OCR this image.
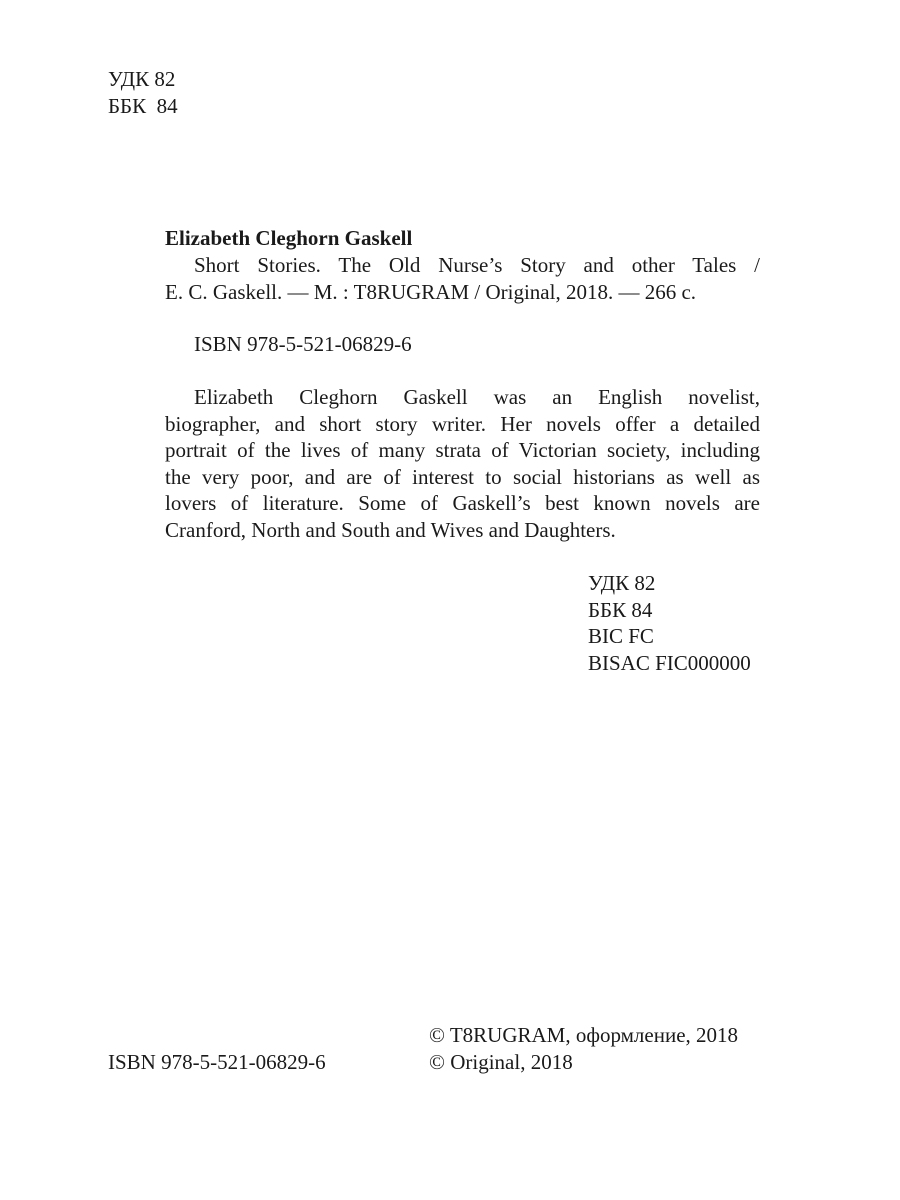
УДК 82
ББК  84
Elizabeth Cleghorn Gaskell
Short Stories. The Old Nurse’s Story and other Tales /
E. C. Gaskell. — M. : T8RUGRAM / Original, 2018. — 266 c.
ISBN 978-5-521-06829-6
Elizabeth Cleghorn Gaskell was an English novelist,
biographer, and short story writer. Her novels offer a detailed
portrait of the lives of many strata of Victorian society, including
the very poor, and are of interest to social historians as well as
lovers of literature. Some of Gaskell’s best known novels are
Cranford, North and South and Wives and Daughters.
УДК 82
ББК 84
BIC FC
BISAC FIC000000
© T8RUGRAM, оформление, 2018
© Original, 2018
ISBN 978-5-521-06829-6
